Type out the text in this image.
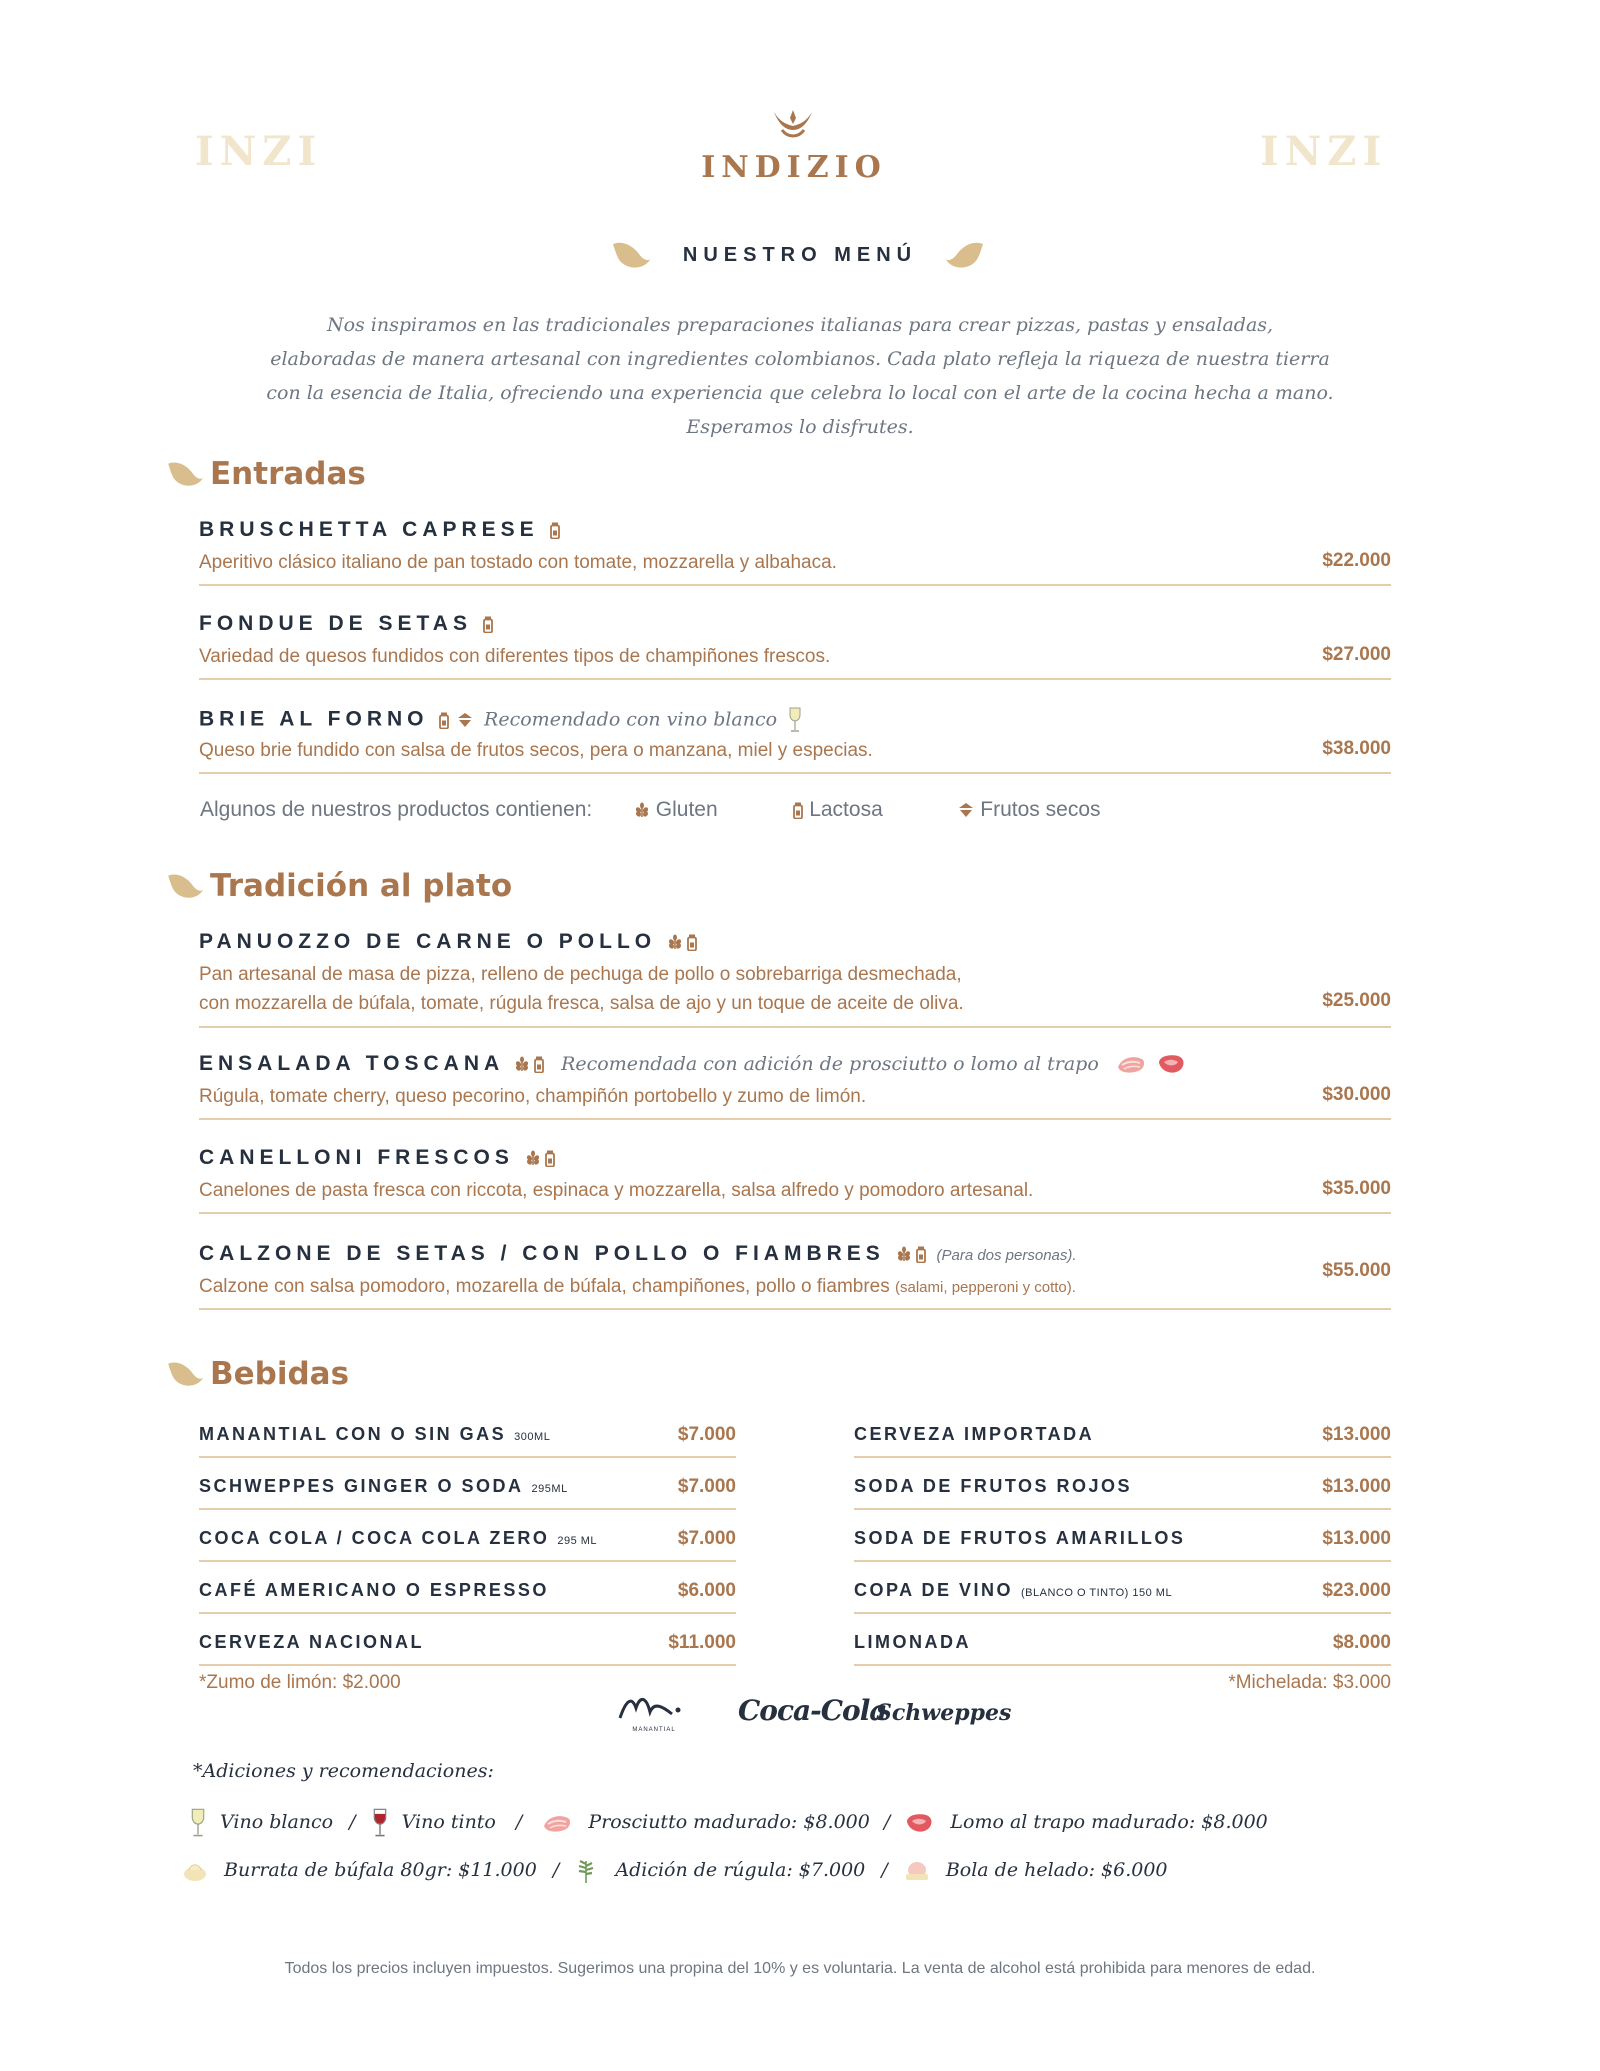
INZI	INZI
INDIZIO
NUESTRO MENÚ
Nos inspiramos en las tradicionales preparaciones italianas para crear pizzas, pastas y ensaladas,
elaboradas de manera artesanal con ingredientes colombianos. Cada plato refleja la riqueza de nuestra tierra
con la esencia de Italia, ofreciendo una experiencia que celebra lo local con el arte de la cocina hecha a mano.
Esperamos lo disfrutes.
Entradas
BRUSCHETTA CAPRESE
Aperitivo clásico italiano de pan tostado con tomate, mozzarella y albahaca.	$22.000
FONDUE DE SETAS
Variedad de quesos fundidos con diferentes tipos de champiñones frescos.	$27.000
BRIE AL FORNO	Recomendado con vino blanco
Queso brie fundido con salsa de frutos secos, pera o manzana, miel y especias.	$38.000
Algunos de nuestros productos contienen:	Gluten	Lactosa	Frutos secos
Tradición al plato
PANUOZZO DE CARNE O POLLO
Pan artesanal de masa de pizza, relleno de pechuga de pollo o sobrebarriga desmechada,
con mozzarella de búfala, tomate, rúgula fresca, salsa de ajo y un toque de aceite de oliva.	$25.000
ENSALADA TOSCANA	Recomendada con adición de prosciutto o lomo al trapo
Rúgula, tomate cherry, queso pecorino, champiñón portobello y zumo de limón.	$30.000
CANELLONI FRESCOS
Canelones de pasta fresca con riccota, espinaca y mozzarella, salsa alfredo y pomodoro artesanal.	$35.000
CALZONE DE SETAS / CON POLLO O FIAMBRES	(Para dos personas).
Calzone con salsa pomodoro, mozarella de búfala, champiñones, pollo o fiambres (salami, pepperoni y cotto).
$55.000
Bebidas
MANANTIAL CON O SIN GAS 300ML	$7.000
SCHWEPPES GINGER O SODA 295ML	$7.000
COCA COLA / COCA COLA ZERO 295 ML	$7.000
CAFÉ AMERICANO O ESPRESSO	$6.000
CERVEZA NACIONAL	$11.000
CERVEZA IMPORTADA	$13.000
SODA DE FRUTOS ROJOS	$13.000
SODA DE FRUTOS AMARILLOS	$13.000
COPA DE VINO (BLANCO O TINTO) 150 ML	$23.000
LIMONADA	$8.000
*Zumo de limón: $2.000	*Michelada: $3.000
MANANTIAL
Coca-Cola
Schweppes
*Adiciones y recomendaciones:
Vino blanco / Vino tinto /	Prosciutto madurado: $8.000 /	Lomo al trapo madurado: $8.000
Burrata de búfala 80gr: $11.000 /	Adición de rúgula: $7.000 /	Bola de helado: $6.000
Todos los precios incluyen impuestos. Sugerimos una propina del 10% y es voluntaria. La venta de alcohol está prohibida para menores de edad.
